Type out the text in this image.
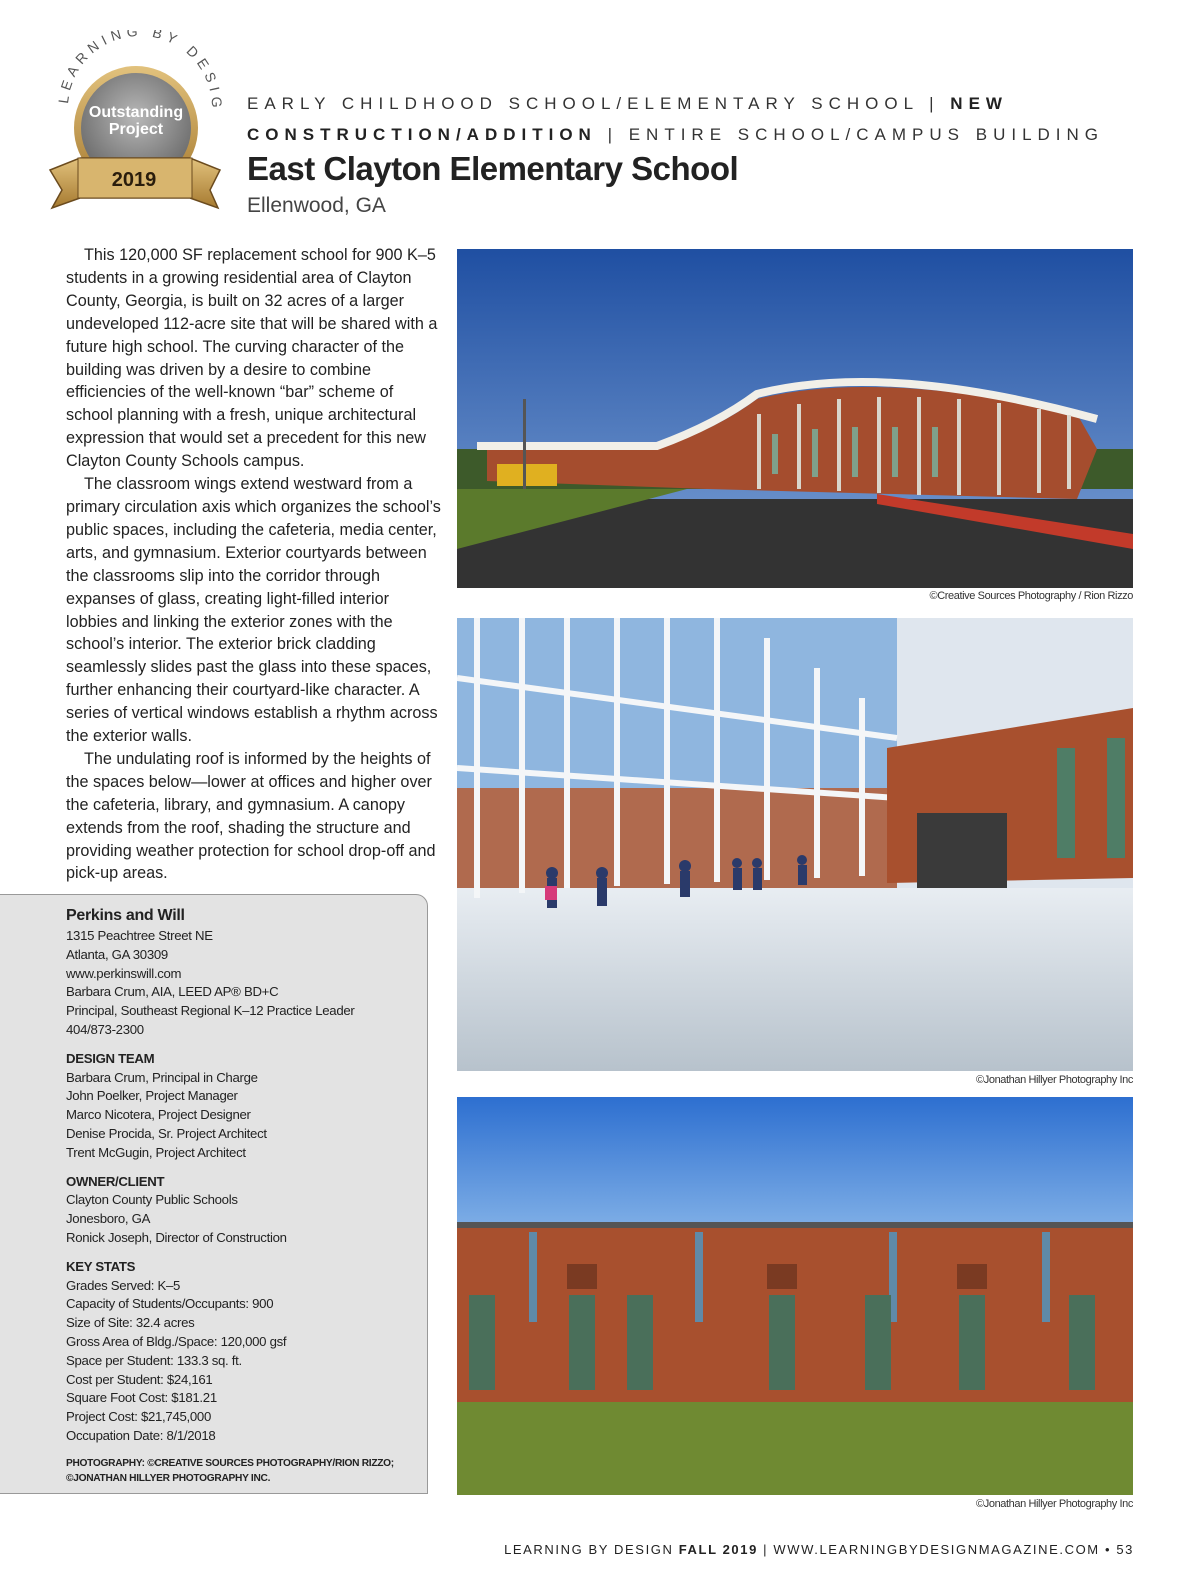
LEARNING BY DESIG
Outstanding
Project
2019
EARLY CHILDHOOD SCHOOL/ELEMENTARY SCHOOL | NEW
CONSTRUCTION/ADDITION | ENTIRE SCHOOL/CAMPUS BUILDING
East Clayton Elementary School
Ellenwood, GA

This 120,000 SF replacement school for 900 K–5 students in a growing residential area of Clayton County, Georgia, is built on 32 acres of a larger undeveloped 112-acre site that will be shared with a future high school. The curving character of the building was driven by a desire to combine efficiencies of the well-known “bar” scheme of school planning with a fresh, unique architectural expression that would set a precedent for this new Clayton County Schools campus.

The classroom wings extend westward from a primary circulation axis which organizes the school’s public spaces, including the cafeteria, media center, arts, and gymnasium. Exterior courtyards between the classrooms slip into the corridor through expanses of glass, creating light-filled interior lobbies and linking the exterior zones with the school’s interior. The exterior brick cladding seamlessly slides past the glass into these spaces, further enhancing their courtyard-like character. A series of vertical windows establish a rhythm across the exterior walls.

The undulating roof is informed by the heights of the spaces below—lower at offices and higher over the cafeteria, library, and gymnasium. A canopy extends from the roof, shading the structure and providing weather protection for school drop-off and pick-up areas.

Perkins and Will
1315 Peachtree Street NE
Atlanta, GA 30309
www.perkinswill.com
Barbara Crum, AIA, LEED AP® BD+C
Principal, Southeast Regional K–12 Practice Leader
404/873-2300
DESIGN TEAM
Barbara Crum, Principal in Charge
John Poelker, Project Manager
Marco Nicotera, Project Designer
Denise Procida, Sr. Project Architect
Trent McGugin, Project Architect
OWNER/CLIENT
Clayton County Public Schools
Jonesboro, GA
Ronick Joseph, Director of Construction
KEY STATS
Grades Served: K–5
Capacity of Students/Occupants: 900
Size of Site: 32.4 acres
Gross Area of Bldg./Space: 120,000 gsf
Space per Student: 133.3 sq. ft.
Cost per Student: $24,161
Square Foot Cost: $181.21
Project Cost: $21,745,000
Occupation Date: 8/1/2018
PHOTOGRAPHY: ©CREATIVE SOURCES PHOTOGRAPHY/RION RIZZO;
©JONATHAN HILLYER PHOTOGRAPHY INC.
©Creative Sources Photography / Rion Rizzo
©Jonathan Hillyer Photography Inc
©Jonathan Hillyer Photography Inc
LEARNING BY DESIGN FALL 2019 | WWW.LEARNINGBYDESIGNMAGAZINE.COM • 53
